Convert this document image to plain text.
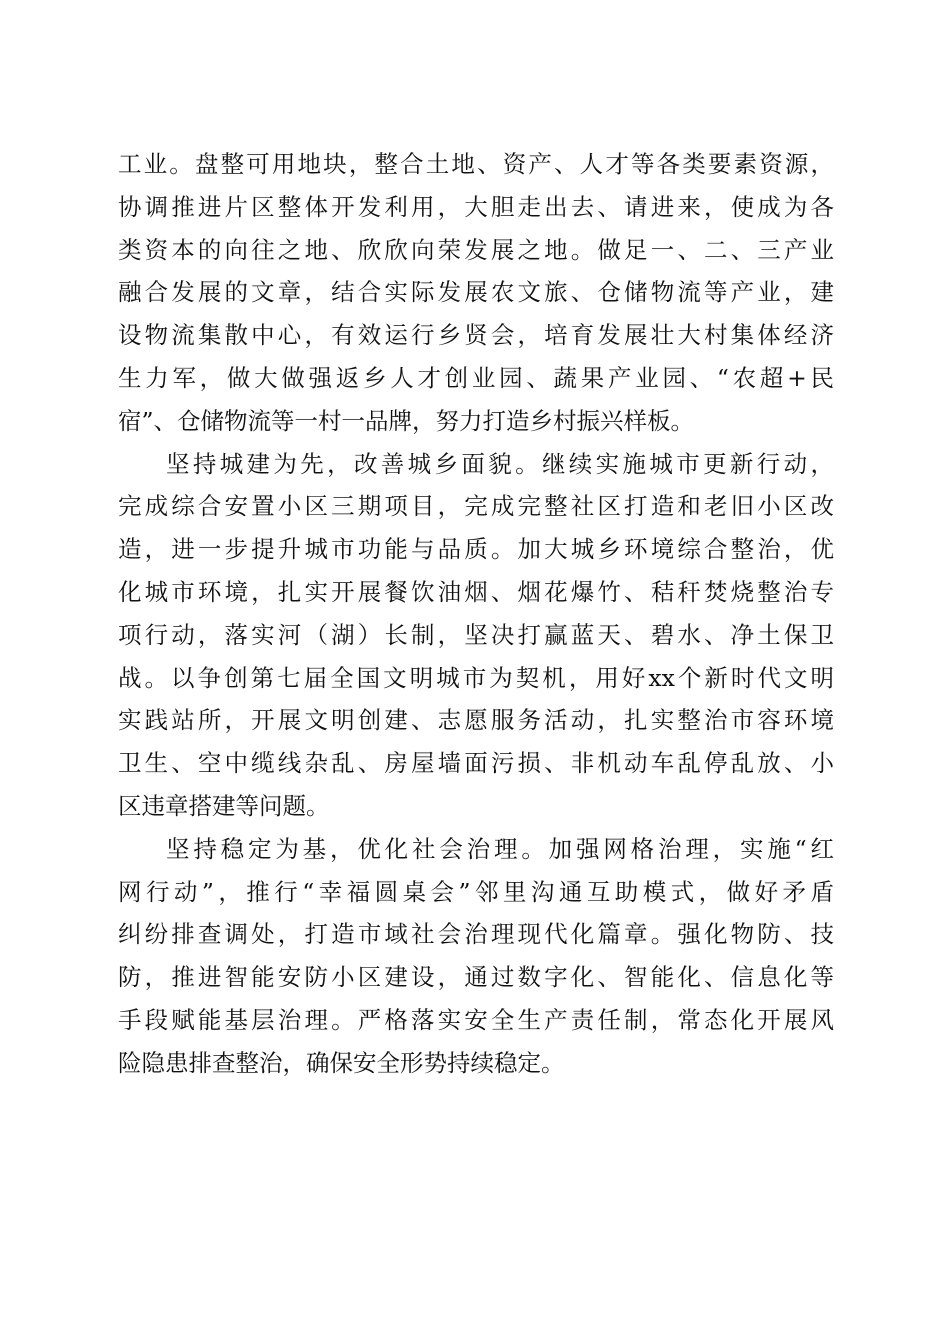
工业。盘整可用地块，整合土地、资产、人才等各类要素资源，
协调推进片区整体开发利用，大胆走出去、请进来，使成为各
类资本的向往之地、欣欣向荣发展之地。做足一、二、三产业
融合发展的文章，结合实际发展农文旅、仓储物流等产业，建
设物流集散中心，有效运行乡贤会，培育发展壮大村集体经济
生力军，做大做强返乡人才创业园、蔬果产业园、“农超+民
宿”、仓储物流等一村一品牌，努力打造乡村振兴样板。
坚持城建为先，改善城乡面貌。继续实施城市更新行动，
完成综合安置小区三期项目，完成完整社区打造和老旧小区改
造，进一步提升城市功能与品质。加大城乡环境综合整治，优
化城市环境，扎实开展餐饮油烟、烟花爆竹、秸秆焚烧整治专
项行动，落实河（湖）长制，坚决打赢蓝天、碧水、净土保卫
战。以争创第七届全国文明城市为契机，用好xx个新时代文明
实践站所，开展文明创建、志愿服务活动，扎实整治市容环境
卫生、空中缆线杂乱、房屋墙面污损、非机动车乱停乱放、小
区违章搭建等问题。
坚持稳定为基，优化社会治理。加强网格治理，实施“红
网行动”，推行“幸福圆桌会”邻里沟通互助模式，做好矛盾
纠纷排查调处，打造市域社会治理现代化篇章。强化物防、技
防，推进智能安防小区建设，通过数字化、智能化、信息化等
手段赋能基层治理。严格落实安全生产责任制，常态化开展风
险隐患排查整治，确保安全形势持续稳定。
